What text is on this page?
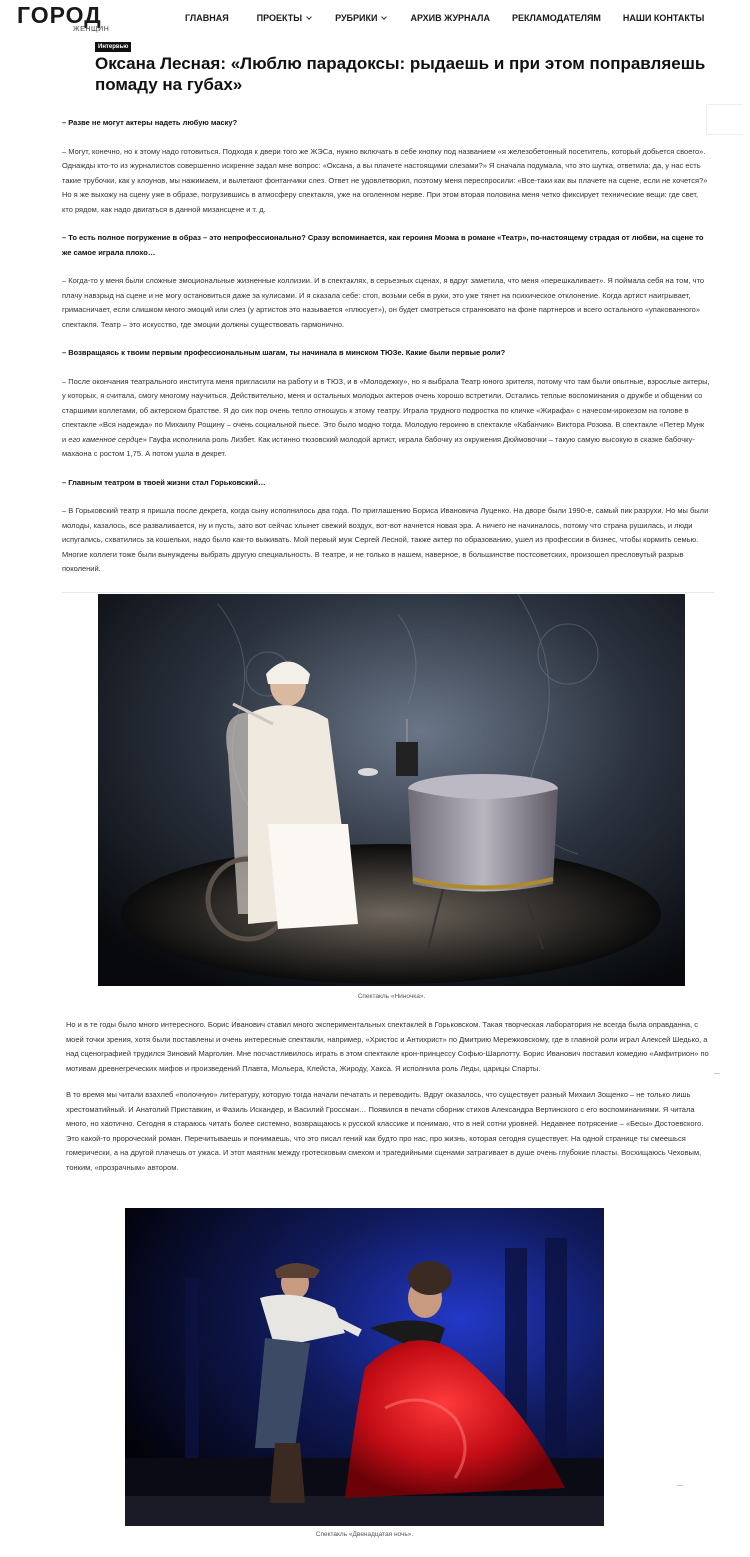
ГОРОД
ЖЕНЩИН
ГЛАВНАЯ	ПРОЕКТЫ	РУБРИКИ	АРХИВ ЖУРНАЛА РЕКЛАМОДАТЕЛЯМ НАШИ КОНТАКТЫ
Интервью
Оксана Лесная: «Люблю парадоксы: рыдаешь и при этом поправляешь помаду на губах»

– Разве не могут актеры надеть любую маску?

– Могут, конечно, но к этому надо готовиться. Подходя к двери того же ЖЭСа, нужно включать в себе кнопку под названием «я железобетонный посетитель, который добьется своего». Однажды кто-то из журналистов совершенно искренне задал мне вопрос: «Оксана, а вы плачете настоящими слезами?» Я сначала подумала, что это шутка, ответила: да, у нас есть такие трубочки, как у клоунов, мы нажимаем, и вылетают фонтанчики слез. Ответ не удовлетворил, поэтому меня переспросили: «Все-таки как вы плачете на сцене, если не хочется?» Но я же выхожу на сцену уже в образе, погрузившись в атмосферу спектакля, уже на оголенном нерве. При этом вторая половина меня четко фиксирует технические вещи: где свет, кто рядом, как надо двигаться в данной мизансцене и т. д.

– То есть полное погружение в образ – это непрофессионально? Сразу вспоминается, как героиня Моэма в романе «Театр», по-настоящему страдая от любви, на сцене то же самое играла плохо…

– Когда-то у меня были сложные эмоциональные жизненные коллизии. И в спектаклях, в серьезных сценах, я вдруг заметила, что меня «перешкаливает». Я поймала себя на том, что плачу навзрыд на сцене и не могу остановиться даже за кулисами. И я сказала себе: стоп, возьми себя в руки, это уже тянет на психическое отклонение. Когда артист наигрывает, гримасничает, если слишком много эмоций или слез (у артистов это называется «плюсует»), он будет смотреться странновато на фоне партнеров и всего остального «упакованного» спектакля. Театр – это искусство, где эмоции должны существовать гармонично.

– Возвращаясь к твоим первым профессиональным шагам, ты начинала в минском ТЮЗе. Какие были первые роли?

– После окончания театрального института меня пригласили на работу и в ТЮЗ, и в «Молодежку», но я выбрала Театр юного зрителя, потому что там были опытные, взрослые актеры, у которых, я считала, смогу многому научиться. Действительно, меня и остальных молодых актеров очень хорошо встретили. Остались теплые воспоминания о дружбе и общении со старшими коллегами, об актерском братстве. Я до сих пор очень тепло отношусь к этому театру. Играла трудного подростка по кличке «Жирафа» с начесом-ирокезом на голове в спектакле «Вся надежда» по Михаилу Рощину – очень социальной пьесе. Это было модно тогда. Молодую героиню в спектакле «Кабанчик» Виктора Розова. В спектакле «Петер Мунк и его каменное сердце» Гауфа исполнила роль Лизбет. Как истинно тюзовский молодой артист, играла бабочку из окружения Дюймовочки – такую самую высокую в сказке бабочку-махаона с ростом 1,75. А потом ушла в декрет.

– Главным театром в твоей жизни стал Горьковский…

– В Горьковский театр я пришла после декрета, когда сыну исполнилось два года. По приглашению Бориса Ивановича Луценко. На дворе были 1990-е, самый пик разрухи. Но мы были молоды, казалось, все разваливается, ну и пусть, зато вот сейчас хлынет свежий воздух, вот-вот начнется новая эра. А ничего не начиналось, потому что страна рушилась, и люди испугались, схватились за кошельки, надо было как-то выживать. Мой первый муж Сергей Лесной, также актер по образованию, ушел из профессии в бизнес, чтобы кормить семью. Многие коллеги тоже были вынуждены выбрать другую специальность. В театре, и не только в нашем, наверное, в большинстве постсоветских, произошел пресловутый разрыв поколений.

Спектакль «Ниночка».

Но и в те годы было много интересного. Борис Иванович ставил много экспериментальных спектаклей в Горьковском. Такая творческая лаборатория не всегда была оправданна, с моей точки зрения, хотя были поставлены и очень интересные спектакли, например, «Христос и Антихрист» по Дмитрию Мережковскому, где в главной роли играл Алексей Шедько, а над сценографией трудился Зиновий Марголин. Мне посчастливилось играть в этом спектакле крон-принцессу Софью-Шарлотту. Борис Иванович поставил комедию «Амфитрион» по мотивам древнегреческих мифов и произведений Плавта, Мольера, Клейста, Жироду, Хакса. Я исполнила роль Леды, царицы Спарты.

В то время мы читали взахлеб «полочную» литературу, которую тогда начали печатать и переводить. Вдруг оказалось, что существует разный Михаил Зощенко – не только лишь хрестоматийный. И Анатолий Приставкин, и Фазиль Искандер, и Василий Гроссман… Появился в печати сборник стихов Александра Вертинского с его воспоминаниями. Я читала много, но хаотично. Сегодня я стараюсь читать более системно, возвращаюсь к русской классике и понимаю, что в ней сотни уровней. Недавнее потрясение – «Бесы» Достоевского. Это какой-то пророческий роман. Перечитываешь и понимаешь, что это писал гений как будто про нас, про жизнь, которая сегодня существует. На одной странице ты смеешься гомерически, а на другой плачешь от ужаса. И этот маятник между гротесковым смехом и трагедийными сценами затрагивает в душе очень глубокие пласты. Восхищаюсь Чеховым, тонким, «прозрачным» автором.

Спектакль «Двенадцатая ночь».
